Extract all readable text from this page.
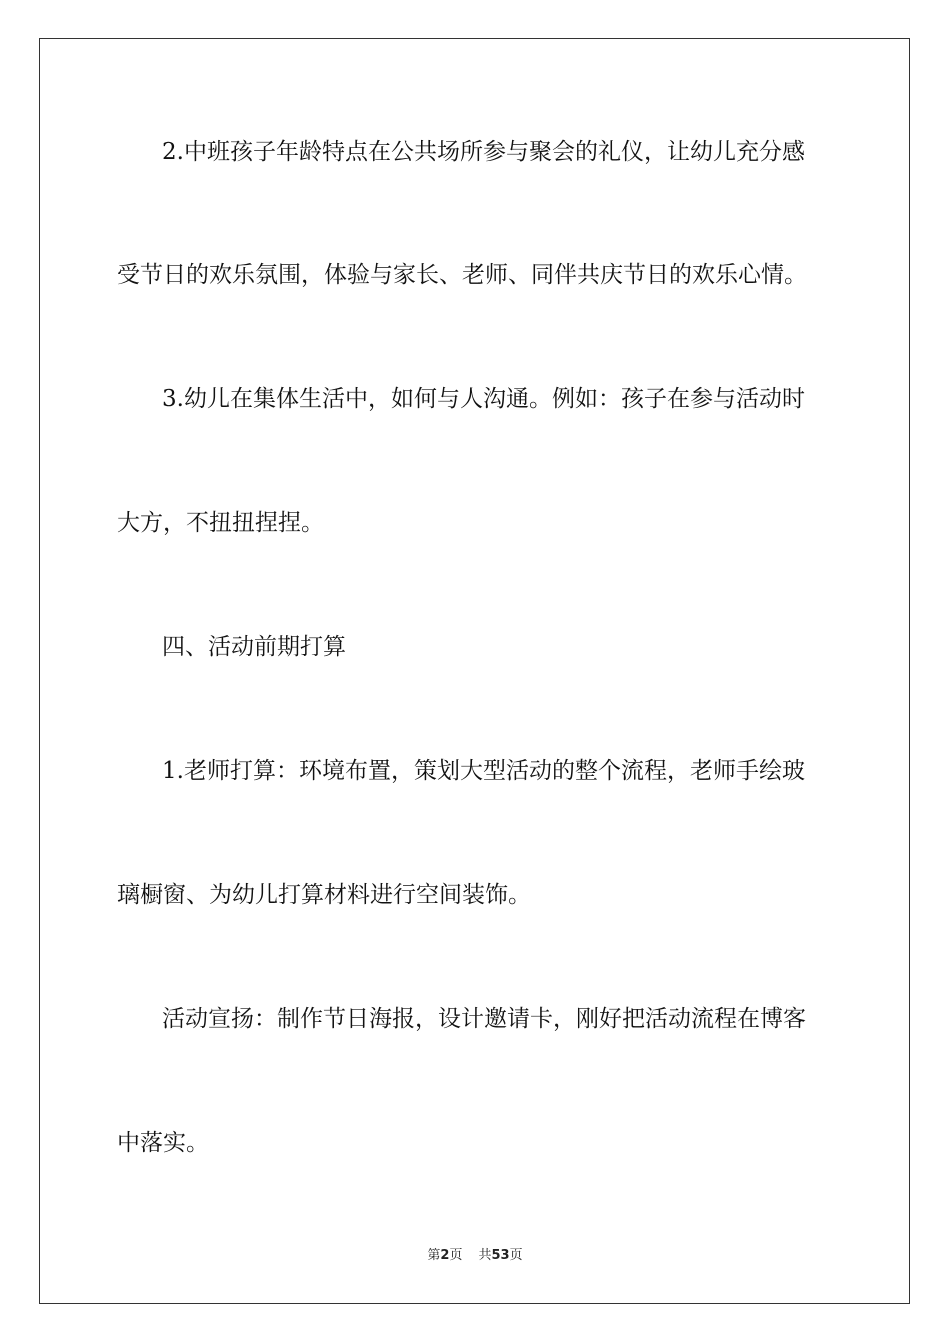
2.中班孩子年龄特点在公共场所参与聚会的礼仪，让幼儿充分感

受节日的欢乐氛围，体验与家长、老师、同伴共庆节日的欢乐心情。

3.幼儿在集体生活中，如何与人沟通。例如：孩子在参与活动时

大方，不扭扭捏捏。

四、活动前期打算

1.老师打算：环境布置，策划大型活动的整个流程，老师手绘玻

璃橱窗、为幼儿打算材料进行空间装饰。

活动宣扬：制作节日海报，设计邀请卡，刚好把活动流程在博客

中落实。

第2页 共53页
